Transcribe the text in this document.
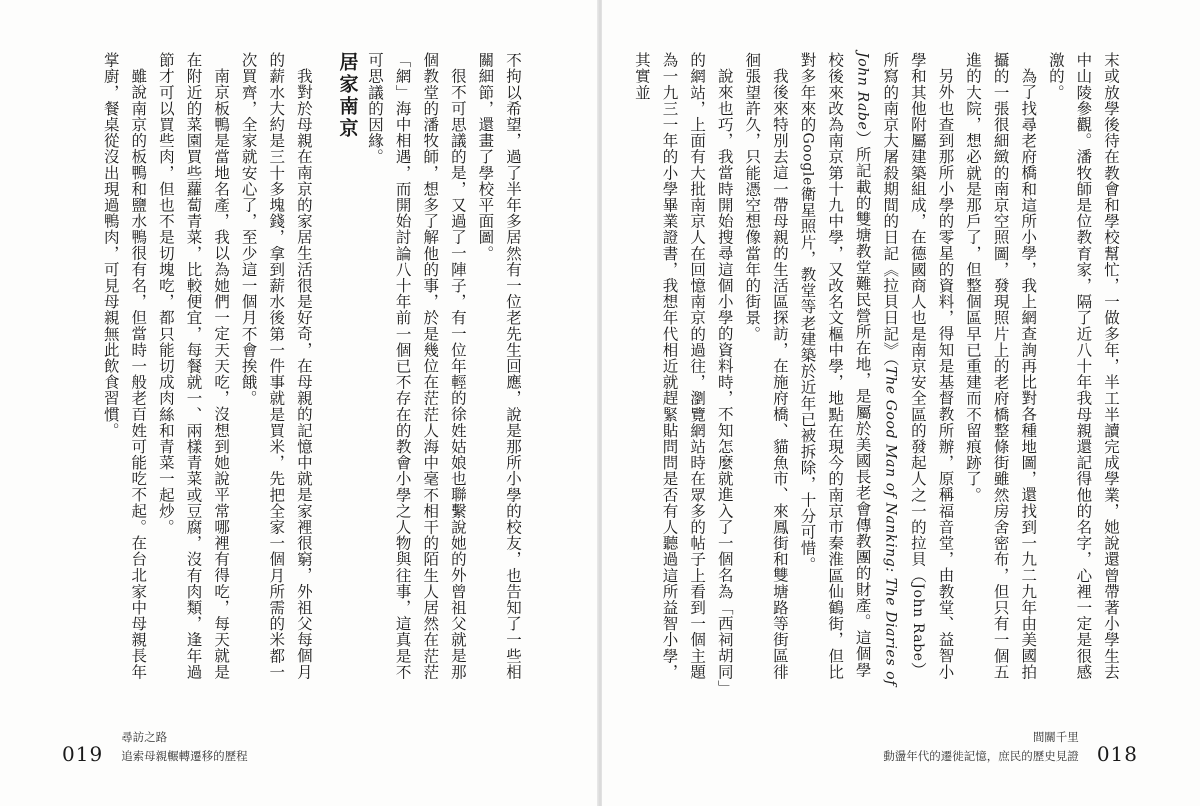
不拘以希望，過了半年多居然有一位老先生回應，說是那所小學的校友，也告知了一些相關細節，還畫了學校平面圖。

很不可思議的是，又過了一陣子，有一位年輕的徐姓姑娘也聯繫說她的外曾祖父就是那個教堂的潘牧師，想多了解他的事，於是幾位在茫茫人海中毫不相干的陌生人居然在茫茫「網」海中相遇，而開始討論八十年前一個已不存在的教會小學之人物與往事，這真是不可思議的因緣。

居家南京

我對於母親在南京的家居生活很是好奇，在母親的記憶中就是家裡很窮，外祖父每個月的薪水大約是三十多塊錢，拿到薪水後第一件事就是買米，先把全家一個月所需的米都一次買齊，全家就安心了，至少這一個月不會挨餓。

南京板鴨是當地名產，我以為她們一定天天吃，沒想到她說平常哪裡有得吃，每天就是在附近的菜園買些蘿蔔青菜，比較便宜，每餐就一、兩樣青菜或豆腐，沒有肉類，逢年過節才可以買些肉，但也不是切塊吃，都只能切成肉絲和青菜一起炒。

雖說南京的板鴨和鹽水鴨很有名，但當時一般老百姓可能吃不起。在台北家中母親長年掌廚，餐桌從沒出現過鴨肉，可見母親無此飲食習慣。

019
尋訪之路
追索母親輾轉遷移的歷程

末或放學後待在教會和學校幫忙，一做多年，半工半讀完成學業，她說還曾帶著小學生去中山陵參觀。潘牧師是位教育家，隔了近八十年我母親還記得他的名字，心裡一定是很感激的。

為了找尋老府橋和這所小學，我上網查詢再比對各種地圖，還找到一九二九年由美國拍攝的一張很細緻的南京空照圖，發現照片上的老府橋整條街雖然房舍密布，但只有一個五進的大院，想必就是那戶了，但整個區早已重建而不留痕跡了。

另外也查到那所小學的零星的資料，得知是基督教所辦，原稱福音堂，由教堂、益智小學和其他附屬建築組成，在德國商人也是南京安全區的發起人之一的拉貝（John Rabe）所寫的南京大屠殺期間的日記《拉貝日記》（The Good Man of Nanking: The Diaries of John Rabe）所記載的雙塘教堂難民營所在地，是屬於美國長老會傳教團的財產。這個學校後來改為南京第十九中學，又改名文樞中學，地點在現今的南京市秦淮區仙鶴街，但比對多年來的Google衛星照片，教堂等老建築於近年已被拆除，十分可惜。

我後來特別去這一帶母親的生活區探訪，在施府橋、貓魚市、來鳳街和雙塘路等街區徘徊張望許久，只能憑空想像當年的街景。

說來也巧，我當時開始搜尋這個小學的資料時，不知怎麼就進入了一個名為「西祠胡同」的網站，上面有大批南京人在回憶南京的過往，瀏覽網站時在眾多的帖子上看到一個主題為一九三一年的小學畢業證書，我想年代相近就趕緊貼問問是否有人聽過這所益智小學，其實並

間關千里
動盪年代的遷徙記憶，庶民的歷史見證 018
